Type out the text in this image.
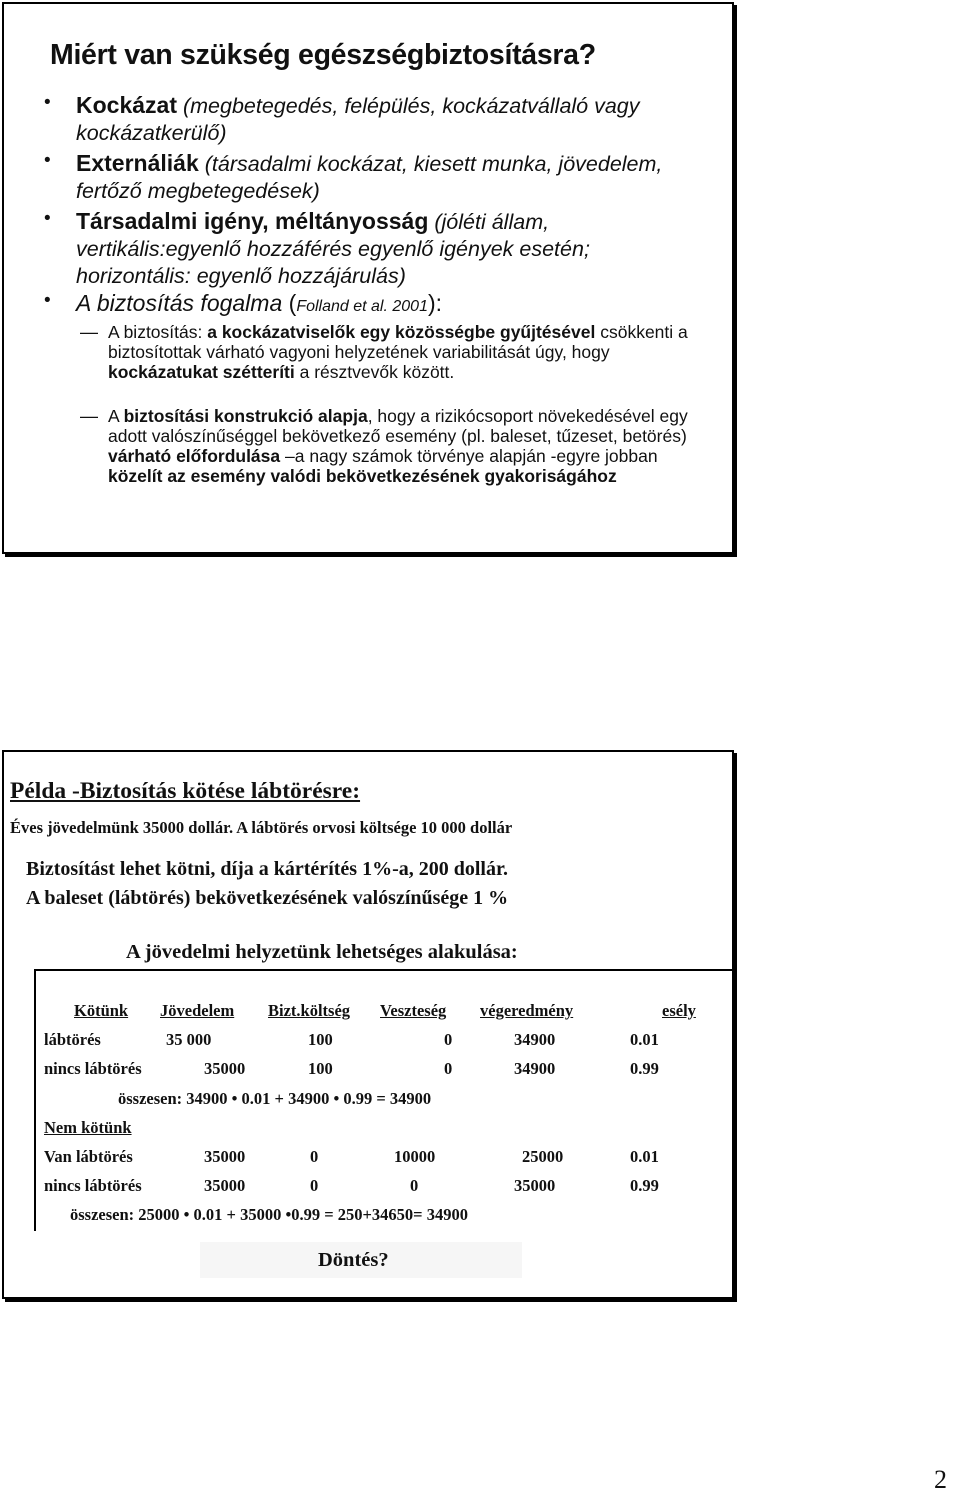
Miért van szükség egészségbiztosításra?
• Kockázat (megbetegedés, felépülés, kockázatvállaló vagy kockázatkerülő)
• Externáliák (társadalmi kockázat, kiesett munka, jövedelem, fertőző megbetegedések)
• Társadalmi igény, méltányosság (jóléti állam, vertikális:egyenlő hozzáférés egyenlő igények esetén; horizontális: egyenlő hozzájárulás)
• A biztosítás fogalma (Folland et al. 2001):
— A biztosítás: a kockázatviselők egy közösségbe gyűjtésével csökkenti a biztosítottak várható vagyoni helyzetének variabilitását úgy, hogy kockázatukat szétteríti a résztvevők között.
— A biztosítási konstrukció alapja, hogy a rizikócsoport növekedésével egy adott valószínűséggel bekövetkező esemény (pl. baleset, tűzeset, betörés) várható előfordulása –a nagy számok törvénye alapján -egyre jobban közelít az esemény valódi bekövetkezésének gyakoriságához
Példa -Biztosítás kötése lábtörésre:
Éves jövedelmünk 35000 dollár. A lábtörés orvosi költsége 10 000 dollár
Biztosítást lehet kötni, díja a kártérítés 1%-a, 200 dollár.
A baleset (lábtörés) bekövetkezésének valószínűsége 1 %
A jövedelmi helyzetünk lehetséges alakulása:
Kötünk Jövedelem Bizt.költség Veszteség végeredmény	esély
lábtörés	35 000	100	0	34900	0.01
nincs lábtörés	35000	100	0	34900	0.99
összesen: 34900 • 0.01 + 34900 • 0.99 = 34900
Nem kötünk
Van lábtörés	35000	0	10000	25000	0.01
nincs lábtörés	35000	0	0	35000	0.99
összesen: 25000 • 0.01 + 35000 •0.99 = 250+34650= 34900
Döntés?
2
